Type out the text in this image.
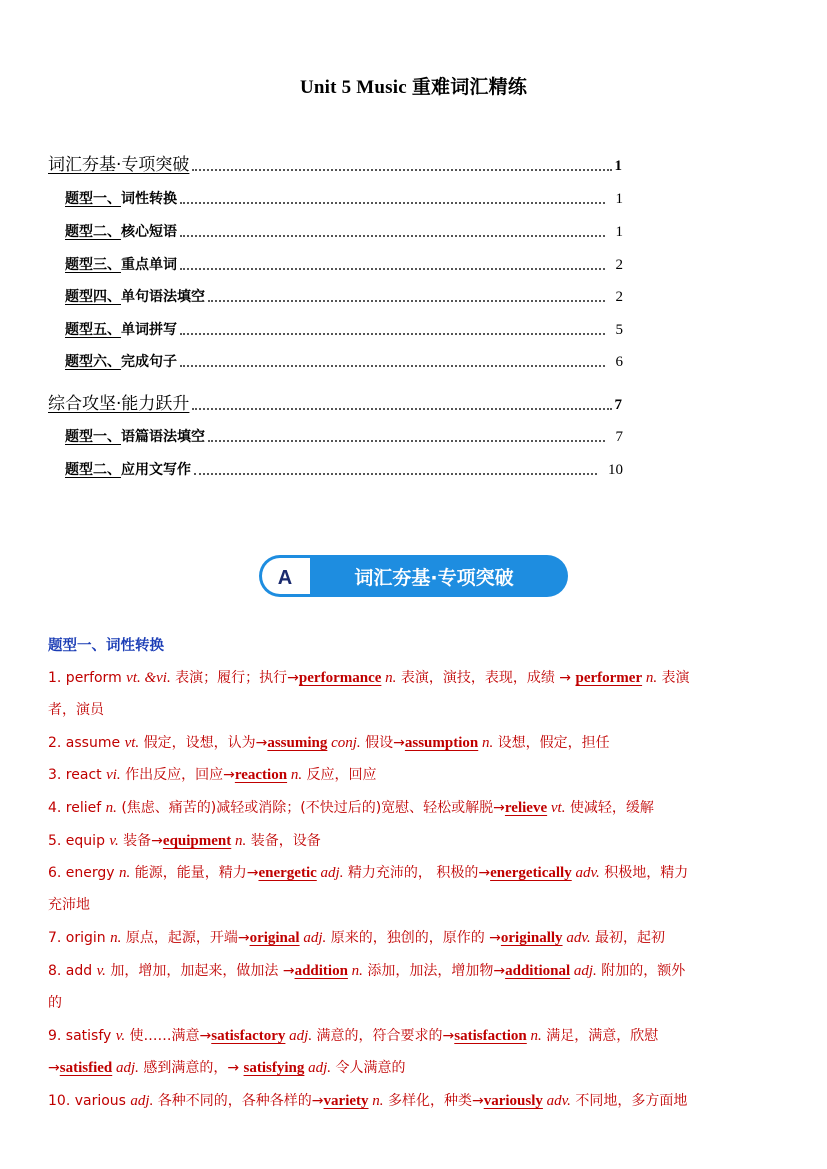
Unit 5 Music 重难词汇精练
词汇夯基·专项突破	1
题型一、词性转换	1
题型二、核心短语	1
题型三、重点单词	2
题型四、单句语法填空	2
题型五、单词拼写	5
题型六、完成句子	6
综合攻坚·能力跃升	7
题型一、语篇语法填空	7
题型二、应用文写作	10
A	词汇夯基·专项突破
题型一、词性转换
1. perform vt. &vi. 表演；履行；执行→performance n. 表演，演技，表现，成绩 → performer n. 表演
者，演员
2. assume vt. 假定，设想，认为→assuming conj. 假设→assumption n. 设想，假定，担任
3. react vi. 作出反应，回应→reaction n. 反应，回应
4. relief n. (焦虑、痛苦的)减轻或消除；(不快过后的)宽慰、轻松或解脱→relieve vt. 使减轻，缓解
5. equip v. 装备→equipment n. 装备，设备
6. energy n. 能源，能量，精力→energetic adj. 精力充沛的， 积极的→energetically adv. 积极地，精力
充沛地
7. origin n. 原点，起源，开端→original adj. 原来的，独创的，原作的 →originally adv. 最初，起初
8. add v. 加，增加，加起来，做加法 →addition n. 添加，加法，增加物→additional adj. 附加的，额外
的
9. satisfy v. 使……满意→satisfactory adj. 满意的，符合要求的→satisfaction n. 满足，满意，欣慰
→satisfied adj. 感到满意的，→ satisfying adj. 令人满意的
10. various adj. 各种不同的，各种各样的→variety n. 多样化，种类→variously adv. 不同地，多方面地
